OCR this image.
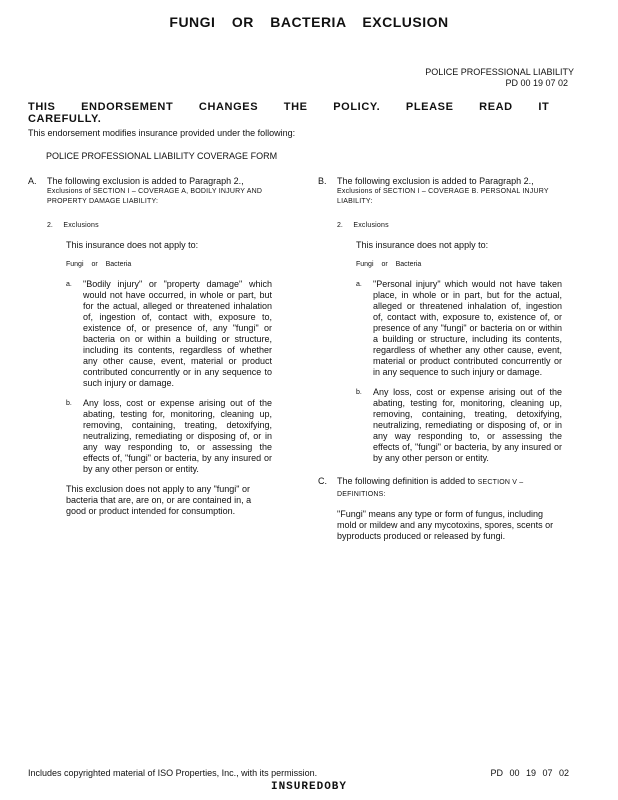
FUNGI OR BACTERIA EXCLUSION
POLICE PROFESSIONAL LIABILITY
PD 00 19 07 02
THIS ENDORSEMENT CHANGES THE POLICY. PLEASE READ IT CAREFULLY.
This endorsement modifies insurance provided under the following:
POLICE PROFESSIONAL LIABILITY COVERAGE FORM
A. The following exclusion is added to Paragraph 2.,
Exclusions of SECTION I – COVERAGE A, BODILY INJURY AND PROPERTY DAMAGE LIABILITY:
2. Exclusions
This insurance does not apply to:
Fungi or Bacteria
a. "Bodily injury" or "property damage" which would not have occurred, in whole or part, but for the actual, alleged or threatened inhalation of, ingestion of, contact with, exposure to, existence of, or presence of, any "fungi" or bacteria on or within a building or structure, including its contents, regardless of whether any other cause, event, material or product contributed concurrently or in any sequence to such injury or damage.
b. Any loss, cost or expense arising out of the abating, testing for, monitoring, cleaning up, removing, containing, treating, detoxifying, neutralizing, remediating or disposing of, or in any way responding to, or assessing the effects of, "fungi" or bacteria, by any insured or by any other person or entity.
This exclusion does not apply to any "fungi" or bacteria that are, are on, or are contained in, a good or product intended for consumption.
B. The following exclusion is added to Paragraph 2.,
Exclusions of SECTION I – COVERAGE B. PERSONAL INJURY LIABILITY:
2. Exclusions
This insurance does not apply to:
Fungi or Bacteria
a. "Personal injury" which would not have taken place, in whole or in part, but for the actual, alleged or threatened inhalation of, ingestion of, contact with, exposure to, existence of, or presence of any "fungi" or bacteria on or within a building or structure, including its contents, regardless of whether any other cause, event, material or product contributed concurrently or in any sequence to such injury or damage.
b. Any loss, cost or expense arising out of the abating, testing for, monitoring, cleaning up, removing, containing, treating, detoxifying, neutralizing, remediating or disposing of, or in any way responding to, or assessing the effects of, "fungi" or bacteria, by any insured or by any other person or entity.
C. The following definition is added to SECTION V – DEFINITIONS:
"Fungi" means any type or form of fungus, including mold or mildew and any mycotoxins, spores, scents or byproducts produced or released by fungi.
Includes copyrighted material of ISO Properties, Inc., with its permission.	PD 00 19 07 02
INSUREDOBY
